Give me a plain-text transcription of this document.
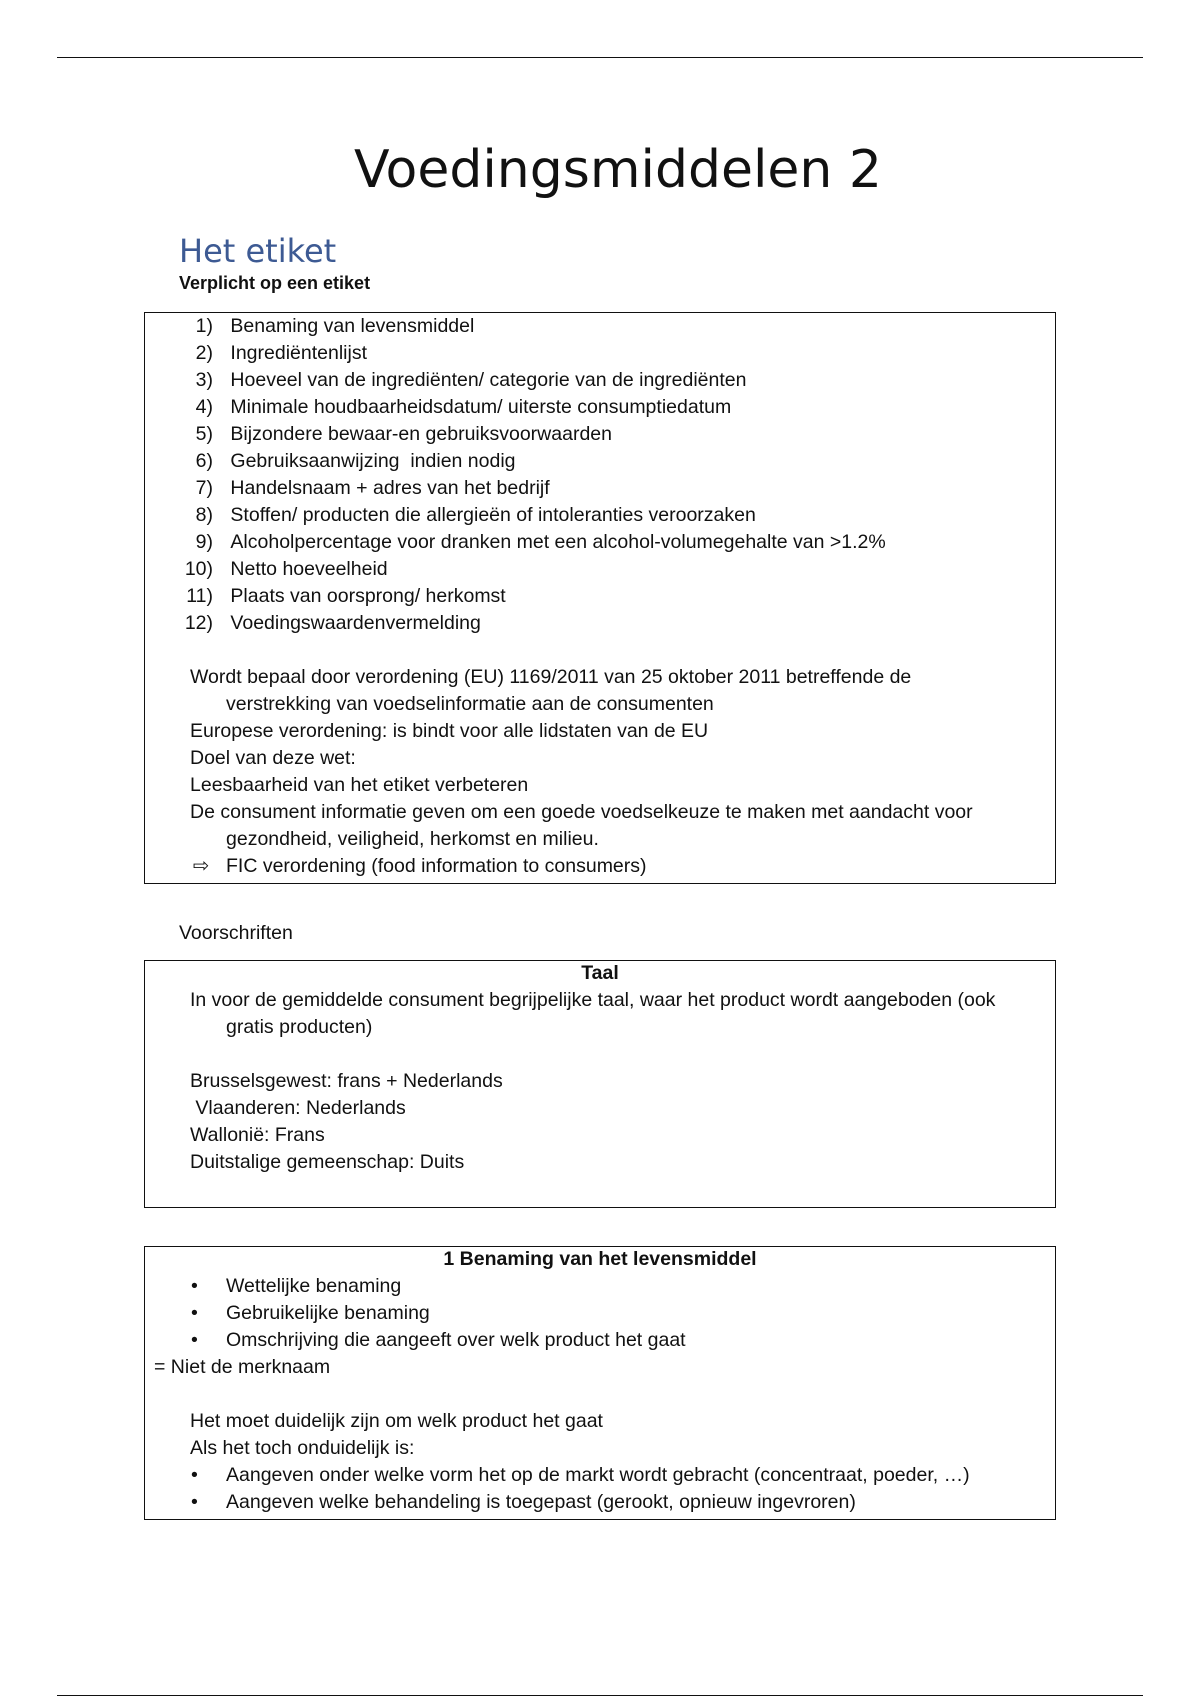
Voedingsmiddelen 2
Het etiket
Verplicht op een etiket
1) Benaming van levensmiddel
2) Ingrediëntenlijst
3) Hoeveel van de ingrediënten/ categorie van de ingrediënten
4) Minimale houdbaarheidsdatum/ uiterste consumptiedatum
5) Bijzondere bewaar-en gebruiksvoorwaarden
6) Gebruiksaanwijzing  indien nodig
7) Handelsnaam + adres van het bedrijf
8) Stoffen/ producten die allergieën of intoleranties veroorzaken
9) Alcoholpercentage voor dranken met een alcohol-volumegehalte van >1.2%
10) Netto hoeveelheid
11) Plaats van oorsprong/ herkomst
12) Voedingswaardenvermelding
Wordt bepaal door verordening (EU) 1169/2011 van 25 oktober 2011 betreffende de
verstrekking van voedselinformatie aan de consumenten
Europese verordening: is bindt voor alle lidstaten van de EU
Doel van deze wet:
Leesbaarheid van het etiket verbeteren
De consument informatie geven om een goede voedselkeuze te maken met aandacht voor
gezondheid, veiligheid, herkomst en milieu.
⇨ FIC verordening (food information to consumers)
Voorschriften
Taal
In voor de gemiddelde consument begrijpelijke taal, waar het product wordt aangeboden (ook
gratis producten)
Brusselsgewest: frans + Nederlands
Vlaanderen: Nederlands
Wallonië: Frans
Duitstalige gemeenschap: Duits
1 Benaming van het levensmiddel
• Wettelijke benaming
• Gebruikelijke benaming
• Omschrijving die aangeeft over welk product het gaat
= Niet de merknaam
Het moet duidelijk zijn om welk product het gaat
Als het toch onduidelijk is:
• Aangeven onder welke vorm het op de markt wordt gebracht (concentraat, poeder, …)
• Aangeven welke behandeling is toegepast (gerookt, opnieuw ingevroren)
